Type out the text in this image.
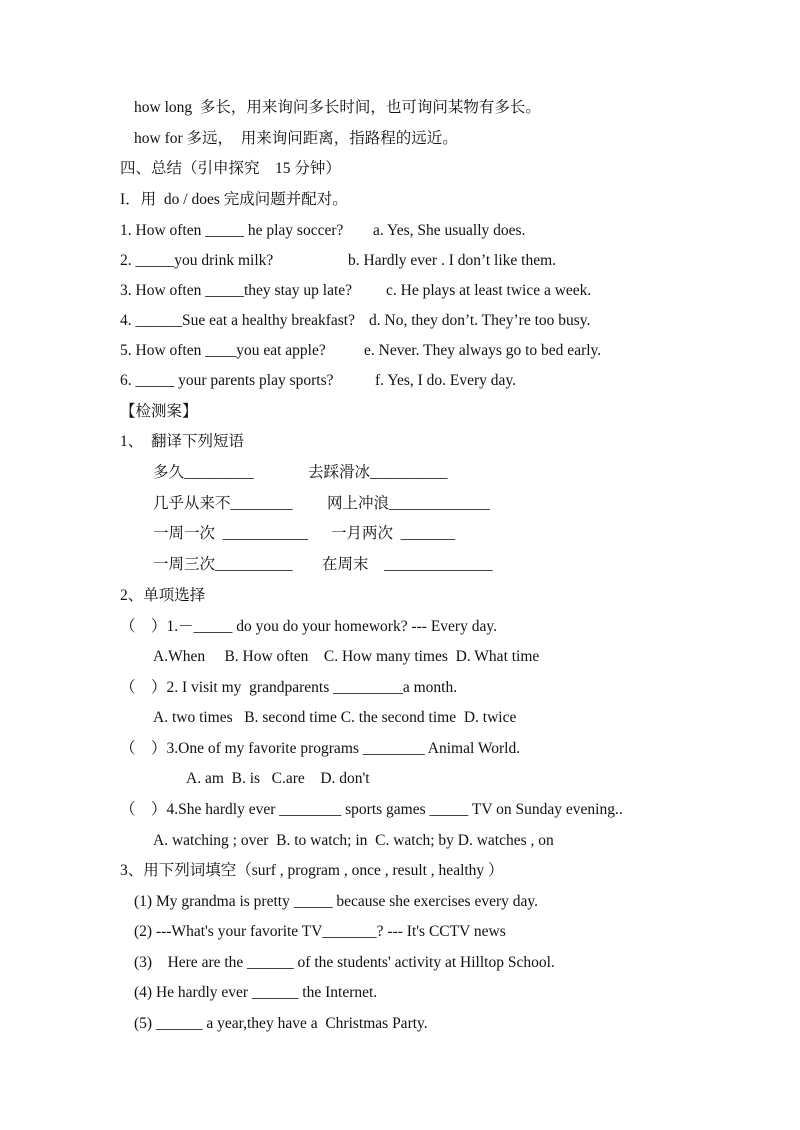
how long  多长，用来询问多长时间，也可询问某物有多长。
how for 多远，  用来询问距离，指路程的远近。
四、总结（引申探究    15 分钟）
I．用  do / does 完成问题并配对。
1. How often _____ he play soccer? a. Yes, She usually does.
2. _____you drink milk?	b. Hardly ever . I don’t like them.
3. How often _____they stay up late? c. He plays at least twice a week.
4. ______Sue eat a healthy breakfast? d. No, they don’t. They’re too busy.
5. How often ____you eat apple? e. Never. They always go to bed early.
6. _____ your parents play sports?	f. Yes, I do. Every day.
【检测案】
1、  翻译下列短语
多久_________	去踩滑冰__________
几乎从来不________ 网上冲浪_____________
一周一次  ___________ 一月两次  _______
一周三次__________ 在周末    ______________
2、单项选择
（    ）1.－_____ do you do your homework? --- Every day.
A.When     B. How often    C. How many times  D. What time
（    ）2. I visit my  grandparents _________a month.
A. two times   B. second time C. the second time  D. twice
（    ）3.One of my favorite programs ________ Animal World.
A. am  B. is   C.are    D. don't
（    ）4.She hardly ever ________ sports games _____ TV on Sunday evening..
A. watching ; over  B. to watch; in  C. watch; by D. watches , on
3、用下列词填空（surf , program , once , result , healthy ）
(1) My grandma is pretty _____ because she exercises every day.
(2) ---What's your favorite TV_______? --- It's CCTV news
(3)    Here are the ______ of the students' activity at Hilltop School.
(4) He hardly ever ______ the Internet.
(5) ______ a year,they have a  Christmas Party.
